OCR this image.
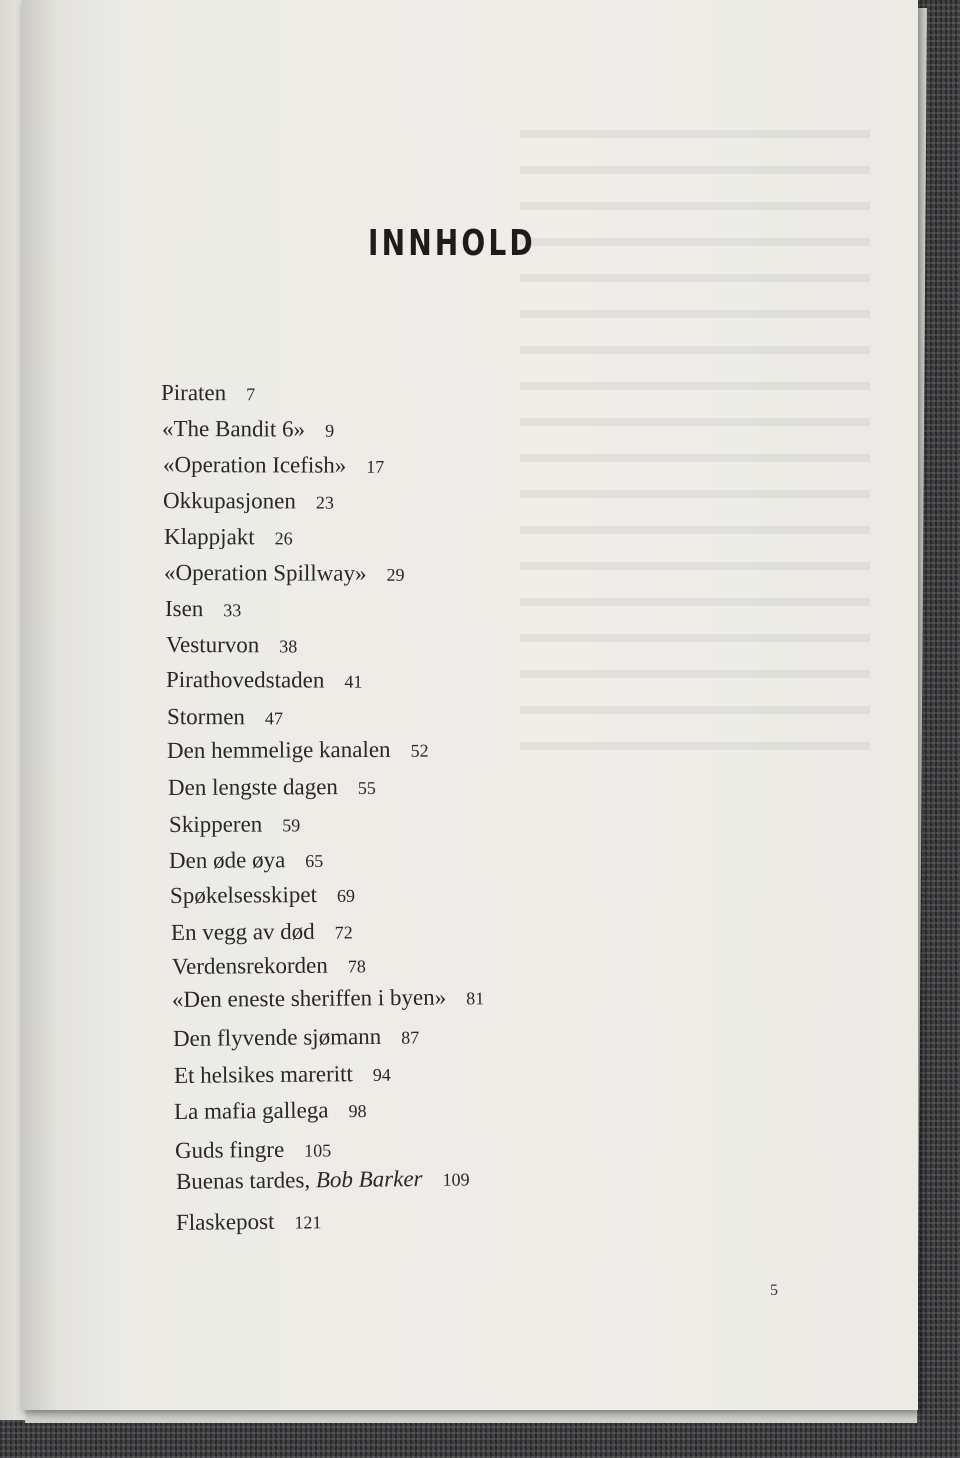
INNHOLD
Piraten 7
«The Bandit 6» 9
«Operation Icefish» 17
Okkupasjonen 23
Klappjakt 26
«Operation Spillway» 29
Isen 33
Vesturvon 38
Pirathovedstaden 41
Stormen 47
Den hemmelige kanalen 52
Den lengste dagen 55
Skipperen 59
Den øde øya 65
Spøkelsesskipet 69
En vegg av død 72
Verdensrekorden 78
«Den eneste sheriffen i byen» 81
Den flyvende sjømann 87
Et helsikes mareritt 94
La mafia gallega 98
Guds fingre 105
Buenas tardes, Bob Barker 109
Flaskepost 121
5
